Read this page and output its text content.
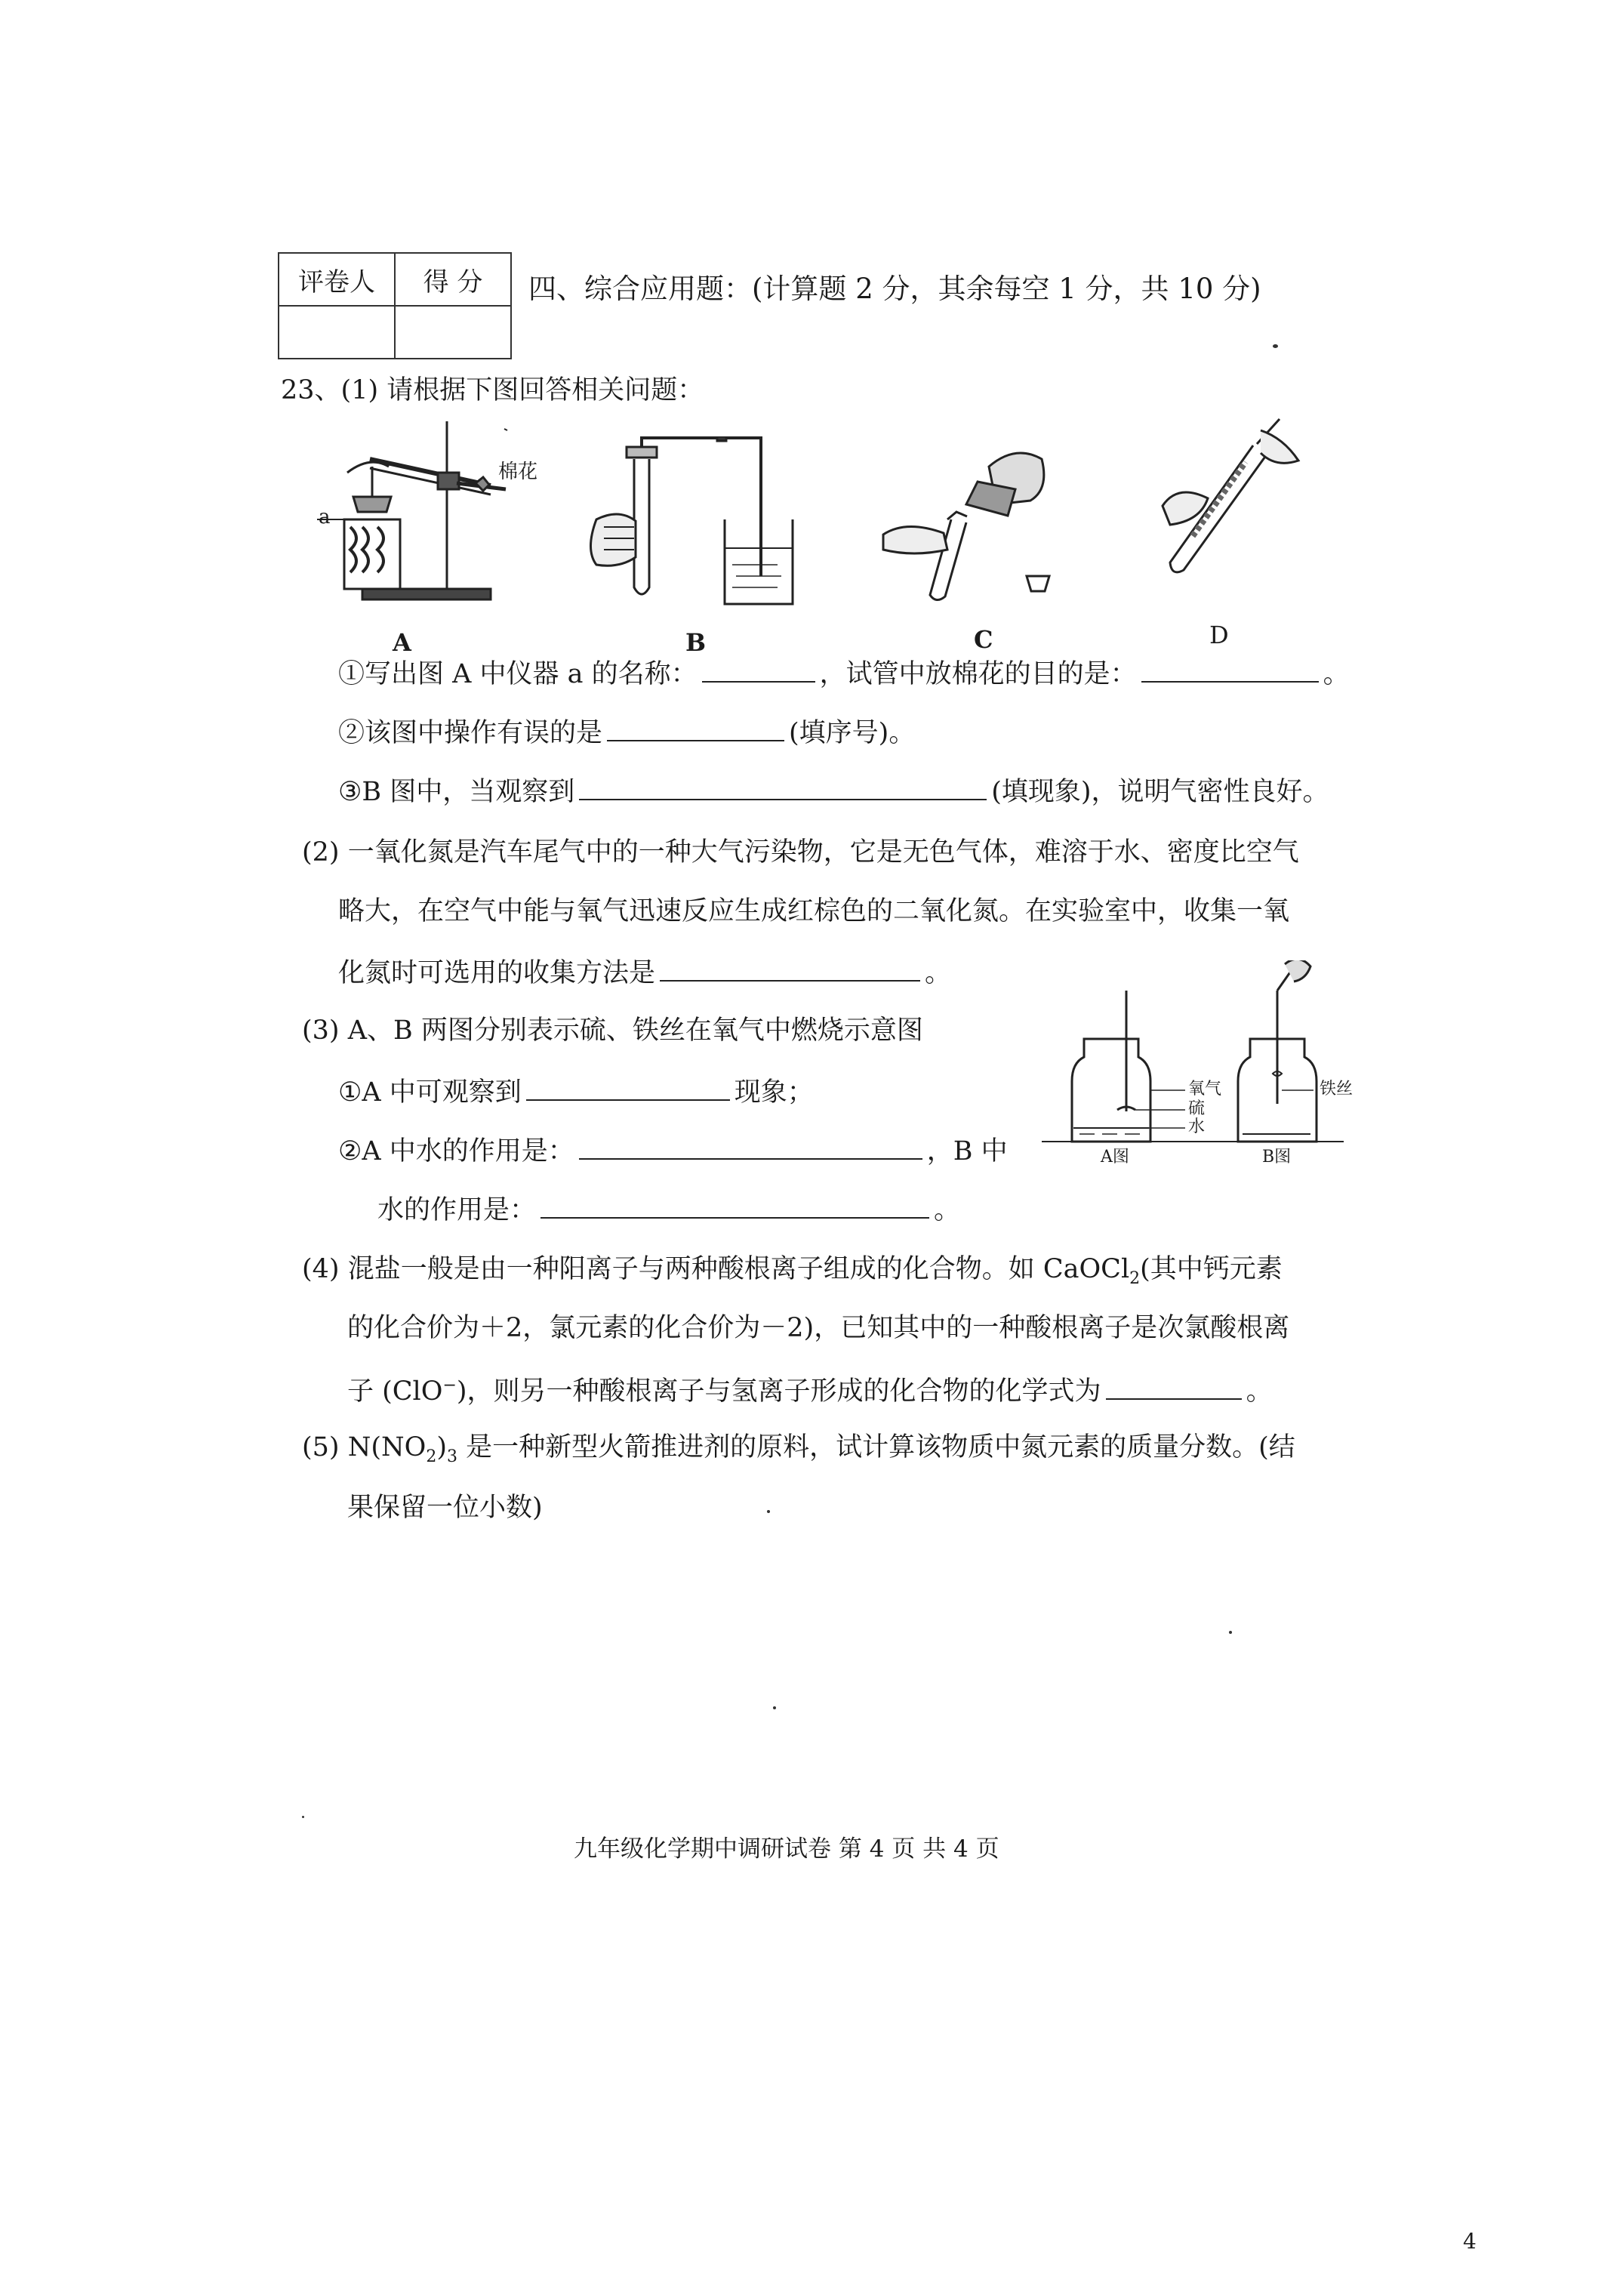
评卷人	得 分
	四、综合应用题：(计算题 2 分，其余每空 1 分，共 10 分)
23、(1) 请根据下图回答相关问题：
a
棉花
A	B	C	D
①写出图 A 中仪器 a 的名称：	，试管中放棉花的目的是：	。
②该图中操作有误的是	(填序号)。
③B 图中，当观察到	(填现象)，说明气密性良好。
(2) 一氧化氮是汽车尾气中的一种大气污染物，它是无色气体，难溶于水、密度比空气
略大，在空气中能与氧气迅速反应生成红棕色的二氧化氮。在实验室中，收集一氧
化氮时可选用的收集方法是	。
(3) A、B 两图分别表示硫、铁丝在氧气中燃烧示意图
①A 中可观察到	现象；
②A 中水的作用是：	，B 中
水的作用是：	。
氧气
硫
水
铁丝
A图	B图
(4) 混盐一般是由一种阳离子与两种酸根离子组成的化合物。如 CaOCl$_2$(其中钙元素
的化合价为＋2，氯元素的化合价为－2)，已知其中的一种酸根离子是次氯酸根离
子 (ClO−)，则另一种酸根离子与氢离子形成的化合物的化学式为	。
(5) $N(NO_2)_3$ 是一种新型火箭推进剂的原料，试计算该物质中氮元素的质量分数。(结
果保留一位小数)
九年级化学期中调研试卷 第 4 页 共 4 页
4
